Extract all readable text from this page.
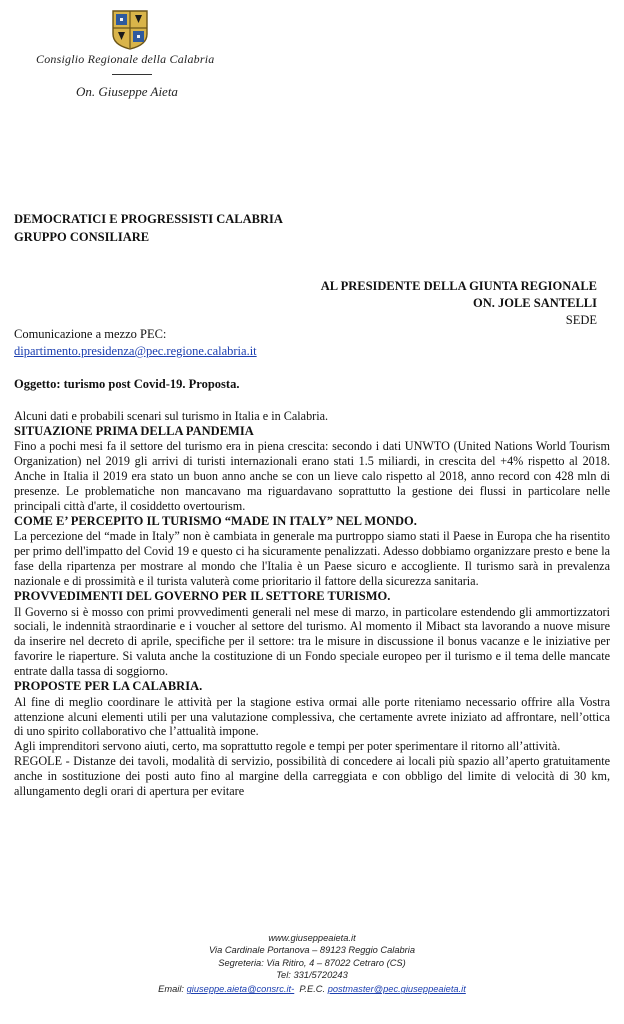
Consiglio Regionale della Calabria
On. Giuseppe Aieta
DEMOCRATICI E PROGRESSISTI CALABRIA
GRUPPO CONSILIARE
AL PRESIDENTE DELLA GIUNTA REGIONALE
ON. JOLE SANTELLI
SEDE
Comunicazione a mezzo PEC:
dipartimento.presidenza@pec.regione.calabria.it
Oggetto: turismo post Covid-19. Proposta.

Alcuni dati e probabili scenari sul turismo in Italia e in Calabria.

SITUAZIONE PRIMA DELLA PANDEMIA

Fino a pochi mesi fa il settore del turismo era in piena crescita: secondo i dati UNWTO (United Nations World Tourism Organization) nel 2019 gli arrivi di turisti internazionali erano stati 1.5 miliardi, in crescita del +4% rispetto al 2018. Anche in Italia il 2019 era stato un buon anno anche se con un lieve calo rispetto al 2018, anno record con 428 mln di presenze. Le problematiche non mancavano ma riguardavano soprattutto la gestione dei flussi in particolare nelle principali città d'arte, il cosiddetto overtourism.

COME E’ PERCEPITO IL TURISMO “MADE IN ITALY” NEL MONDO.

La percezione del “made in Italy” non è cambiata in generale ma purtroppo siamo stati il Paese in Europa che ha risentito per primo dell'impatto del Covid 19 e questo ci ha sicuramente penalizzati. Adesso dobbiamo organizzare presto e bene la fase della ripartenza per mostrare al mondo che l'Italia è un Paese sicuro e accogliente. Il turismo sarà in prevalenza nazionale e di prossimità e il turista valuterà come prioritario il fattore della sicurezza sanitaria.

PROVVEDIMENTI DEL GOVERNO PER IL SETTORE TURISMO.

Il Governo si è mosso con primi provvedimenti generali nel mese di marzo, in particolare estendendo gli ammortizzatori sociali, le indennità straordinarie e i voucher al settore del turismo. Al momento il Mibact sta lavorando a nuove misure da inserire nel decreto di aprile, specifiche per il settore: tra le misure in discussione il bonus vacanze e le iniziative per favorire le riaperture. Si valuta anche la costituzione di un Fondo speciale europeo per il turismo e il tema delle mancate entrate dalla tassa di soggiorno.

PROPOSTE PER LA CALABRIA.

Al fine di meglio coordinare le attività per la stagione estiva ormai alle porte riteniamo necessario offrire alla Vostra attenzione alcuni elementi utili per una valutazione complessiva, che certamente avrete iniziato ad affrontare, nell’ottica di uno spirito collaborativo che l’attualità impone.

Agli imprenditori servono aiuti, certo, ma soprattutto regole e tempi per poter sperimentare il ritorno all’attività.

REGOLE - Distanze dei tavoli, modalità di servizio, possibilità di concedere ai locali più spazio all’aperto gratuitamente anche in sostituzione dei posti auto fino al margine della carreggiata e con obbligo del limite di velocità di 30 km, allungamento degli orari di apertura per evitare

www.giuseppeaieta.it
Via Cardinale Portanova – 89123 Reggio Calabria
Segreteria: Via Ritiro, 4 – 87022 Cetraro (CS)
Tel: 331/5720243
Email: giuseppe.aieta@consrc.it- P.E.C. postmaster@pec.giuseppeaieta.it
